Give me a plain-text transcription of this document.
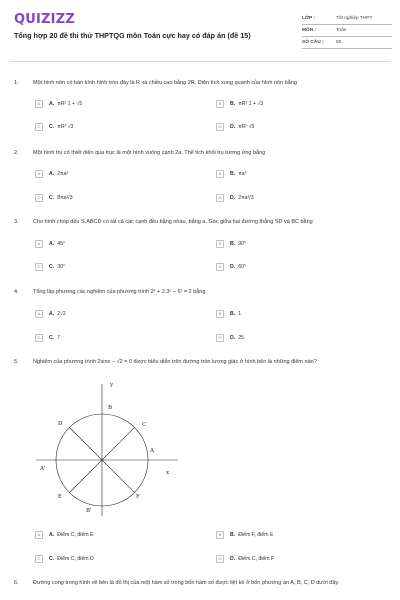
QUIZIZZ
Tổng hợp 20 đề thi thử THPTQG môn Toán cực hay có đáp án (đề 15)
LỚP :	Tốt nghiệp THPT
MÔN :	Toán
SỐ CÂU :	50
1.	Một hình nón có bán kính hình tròn đáy là R và chiều cao bằng 2R. Diện tích xung quanh của hình nón bằng
A	A. πR² 1 + √5	B	B. πR² 1 + √3
C	C. πR² √3	D	D. πR² √5
2.	Một hình trụ có thiết diện qua trục là một hình vuông cạnh 2a. Thể tích khối trụ tương ứng bằng
A	A. 2πa³	B	B. πa³
C	C. 8πa³/3	D	D. 2πa³/3
3.	Cho hình chóp đều S.ABCD có tất cả các cạnh đều bằng nhau, bằng a. Góc giữa hai đường thẳng SD và BC bằng
A	A. 45°	B	B. 90°
C	C. 30°	D	D. 60°
4.	Tổng lập phương các nghiệm của phương trình 2ˣ + 2.3ˣ − 6ˣ = 2 bằng
A	A. 2√2	B	B. 1
C	C. 7	D	D. 25
5.	Nghiệm của phương trình 2sinx − √2 = 0 được biểu diễn trên đường tròn lượng giác ở hình bên là những điểm nào?
y
x
B
C
A
D
A'
E	F
B'
A	A. Điểm C, điểm E	B	B. Điểm F, điểm E
C	C. Điểm C, điểm D	D	D. Điểm C, điểm F
6.	Đường cong trong hình vẽ bên là đồ thị của một hàm số trong bốn hàm số được liệt kê ở bốn phương án A, B, C, D dưới đây.
